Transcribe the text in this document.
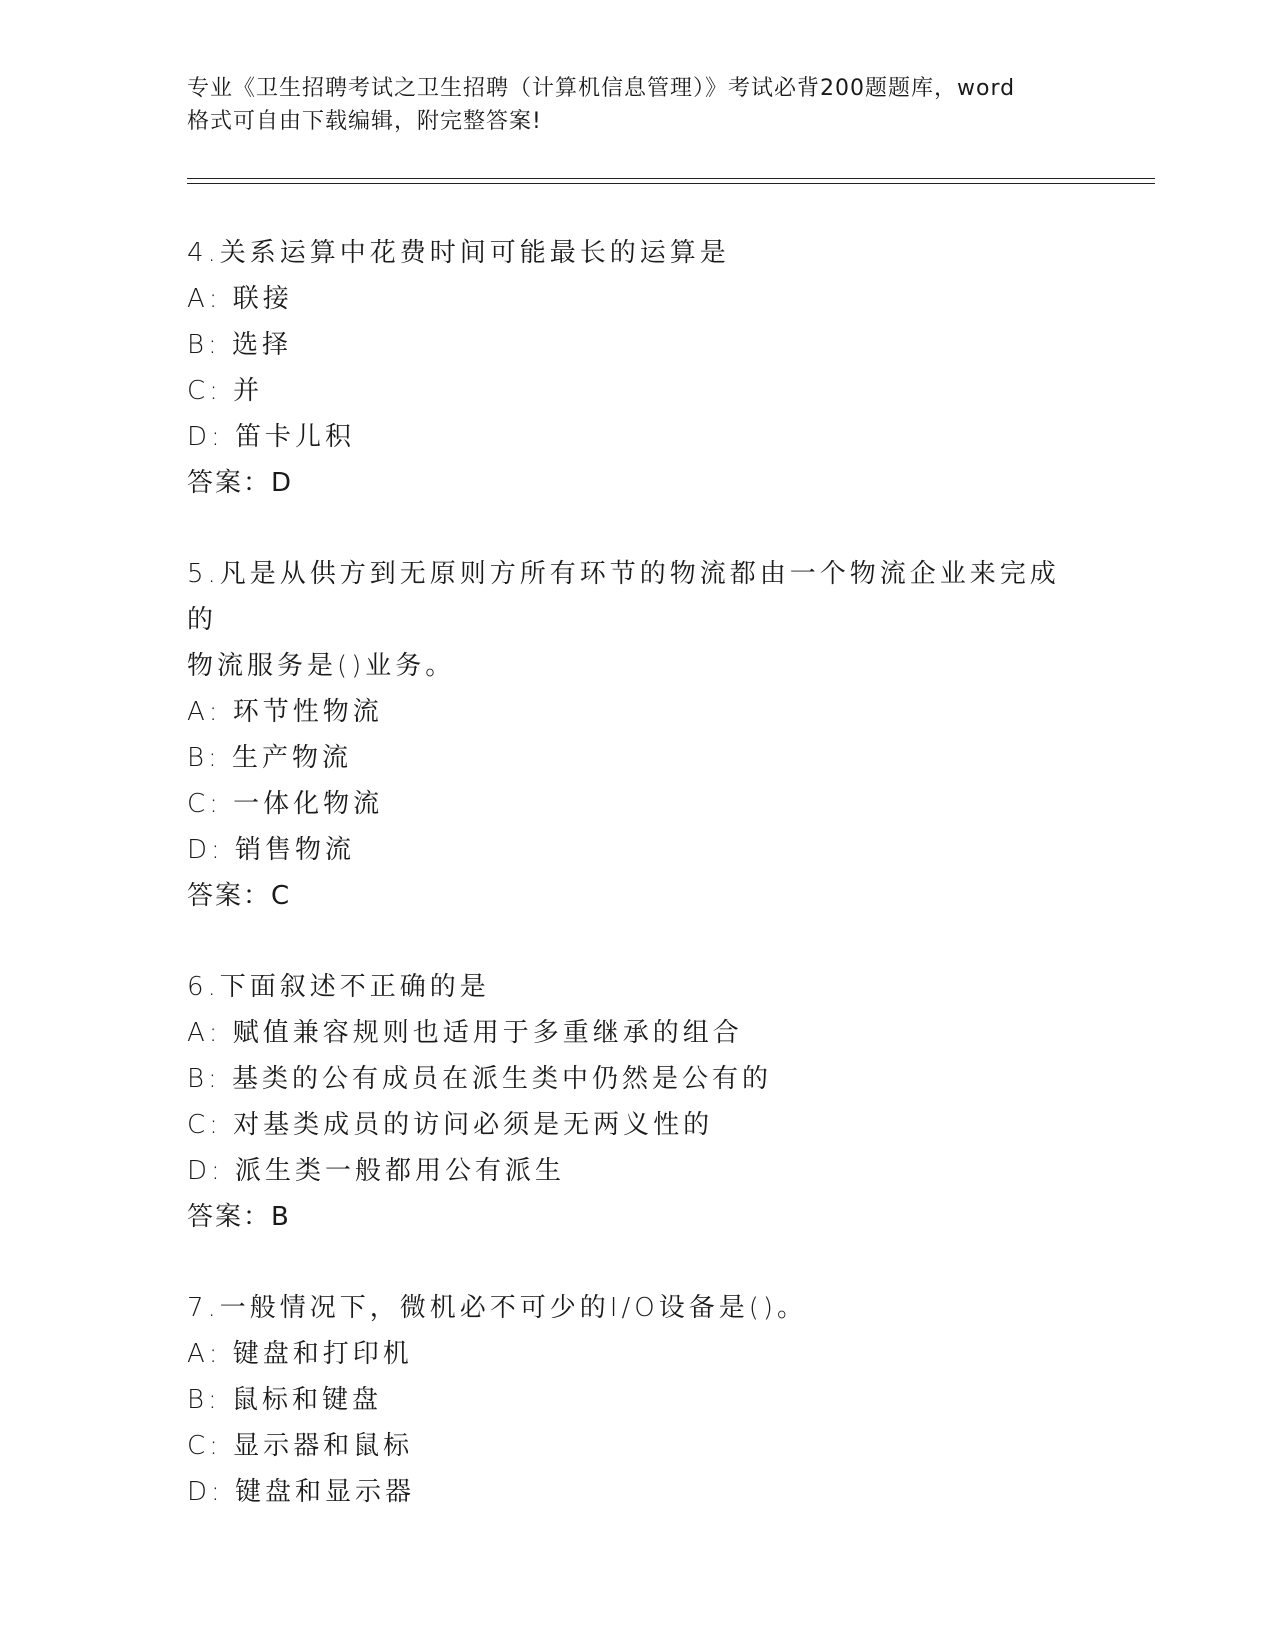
专业《卫生招聘考试之卫生招聘（计算机信息管理）》考试必背200题题库，word
格式可自由下载编辑，附完整答案!
4.关系运算中花费时间可能最长的运算是
A : 联接
B : 选择
C : 并
D : 笛卡儿积
答案：D
5.凡是从供方到无原则方所有环节的物流都由一个物流企业来完成的
物流服务是()业务。
A : 环节性物流
B : 生产物流
C : 一体化物流
D : 销售物流
答案：C
6.下面叙述不正确的是
A : 赋值兼容规则也适用于多重继承的组合
B : 基类的公有成员在派生类中仍然是公有的
C : 对基类成员的访问必须是无两义性的
D : 派生类一般都用公有派生
答案：B
7.一般情况下，微机必不可少的I/O设备是()。
A : 键盘和打印机
B : 鼠标和键盘
C : 显示器和鼠标
D : 键盘和显示器
